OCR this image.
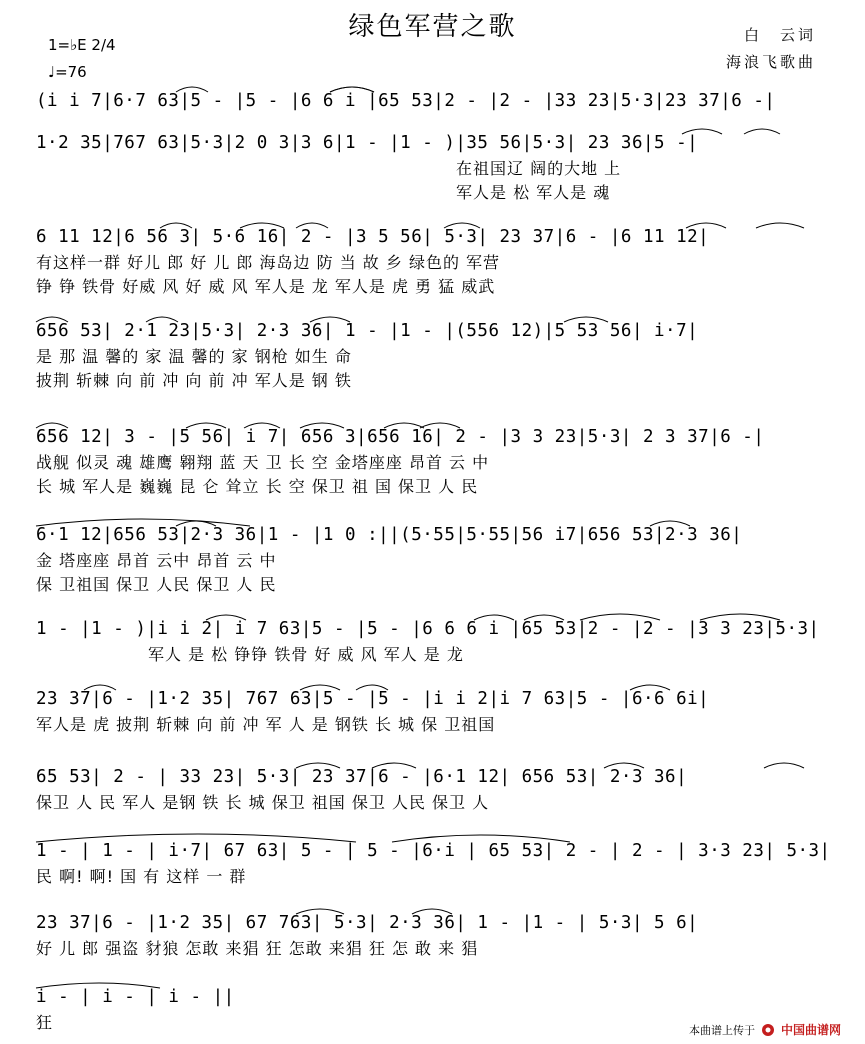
绿色军营之歌
1=♭E 2/4
♩=76
白　云词
海浪飞歌曲
(i i 7|6·7 63|5 - |5 - |6 6 i |65 53|2 - |2 - |33 23|5·3|23 37|6 -|
1·2 35|767 63|5·3|2 0 3|3 6|1 - |1 - )|35 56|5·3| 23 36|5 -|
在祖国辽 阔的大地 上
军人是 松 军人是 魂
6 11 12|6 56 3| 5·6 16| 2 - |3 5 56| 5·3| 23 37|6 - |6 11 12|
有这样一群 好儿 郎 好 儿 郎 海岛边 防 当 故 乡 绿色的 军营
铮 铮 铁骨 好威 风 好 威 风 军人是 龙 军人是 虎 勇 猛 威武
656 53| 2·1 23|5·3| 2·3 36| 1 - |1 - |(556 12)|5 53 56| i·7|
是 那 温 馨的 家 温 馨的 家 钢枪 如生 命
披荆 斩棘 向 前 冲 向 前 冲 军人是 钢 铁
656 12| 3 - |5 56| i 7| 656 3|656 16| 2 - |3 3 23|5·3| 2 3 37|6 -|
战舰 似灵 魂 雄鹰 翱翔 蓝 天 卫 长 空 金塔座座 昂首 云 中
长 城 军人是 巍巍 昆 仑 耸立 长 空 保卫 祖 国 保卫 人 民
6·1 12|656 53|2·3 36|1 - |1 0 :||(5·55|5·55|56 i7|656 53|2·3 36|
金 塔座座 昂首 云中 昂首 云 中
保 卫祖国 保卫 人民 保卫 人 民
1 - |1 - )|i i 2| i 7 63|5 - |5 - |6 6 6 i |65 53|2 - |2 - |3 3 23|5·3|
军人 是 松 铮铮 铁骨 好 威 风 军人 是 龙
23 37|6 - |1·2 35| 767 63|5 - |5 - |i i 2|i 7 63|5 - |6·6 6i|
军人是 虎 披荆 斩棘 向 前 冲 军 人 是 钢铁 长 城 保 卫祖国
65 53| 2 - | 33 23| 5·3| 23 37|6 - |6·1 12| 656 53| 2·3 36|
保卫 人 民 军人 是钢 铁 长 城 保卫 祖国 保卫 人民 保卫 人
1 - | 1 - | i·7| 67 63| 5 - | 5 - |6·i | 65 53| 2 - | 2 - | 3·3 23| 5·3|
民 啊! 啊! 国 有 这样 一 群
23 37|6 - |1·2 35| 67 763| 5·3| 2·3 36| 1 - |1 - | 5·3| 5 6|
好 儿 郎 强盗 豺狼 怎敢 来猖 狂 怎敢 来猖 狂 怎 敢 来 猖
i - | i - | i - ||
狂	本曲谱上传于 中国曲谱网
